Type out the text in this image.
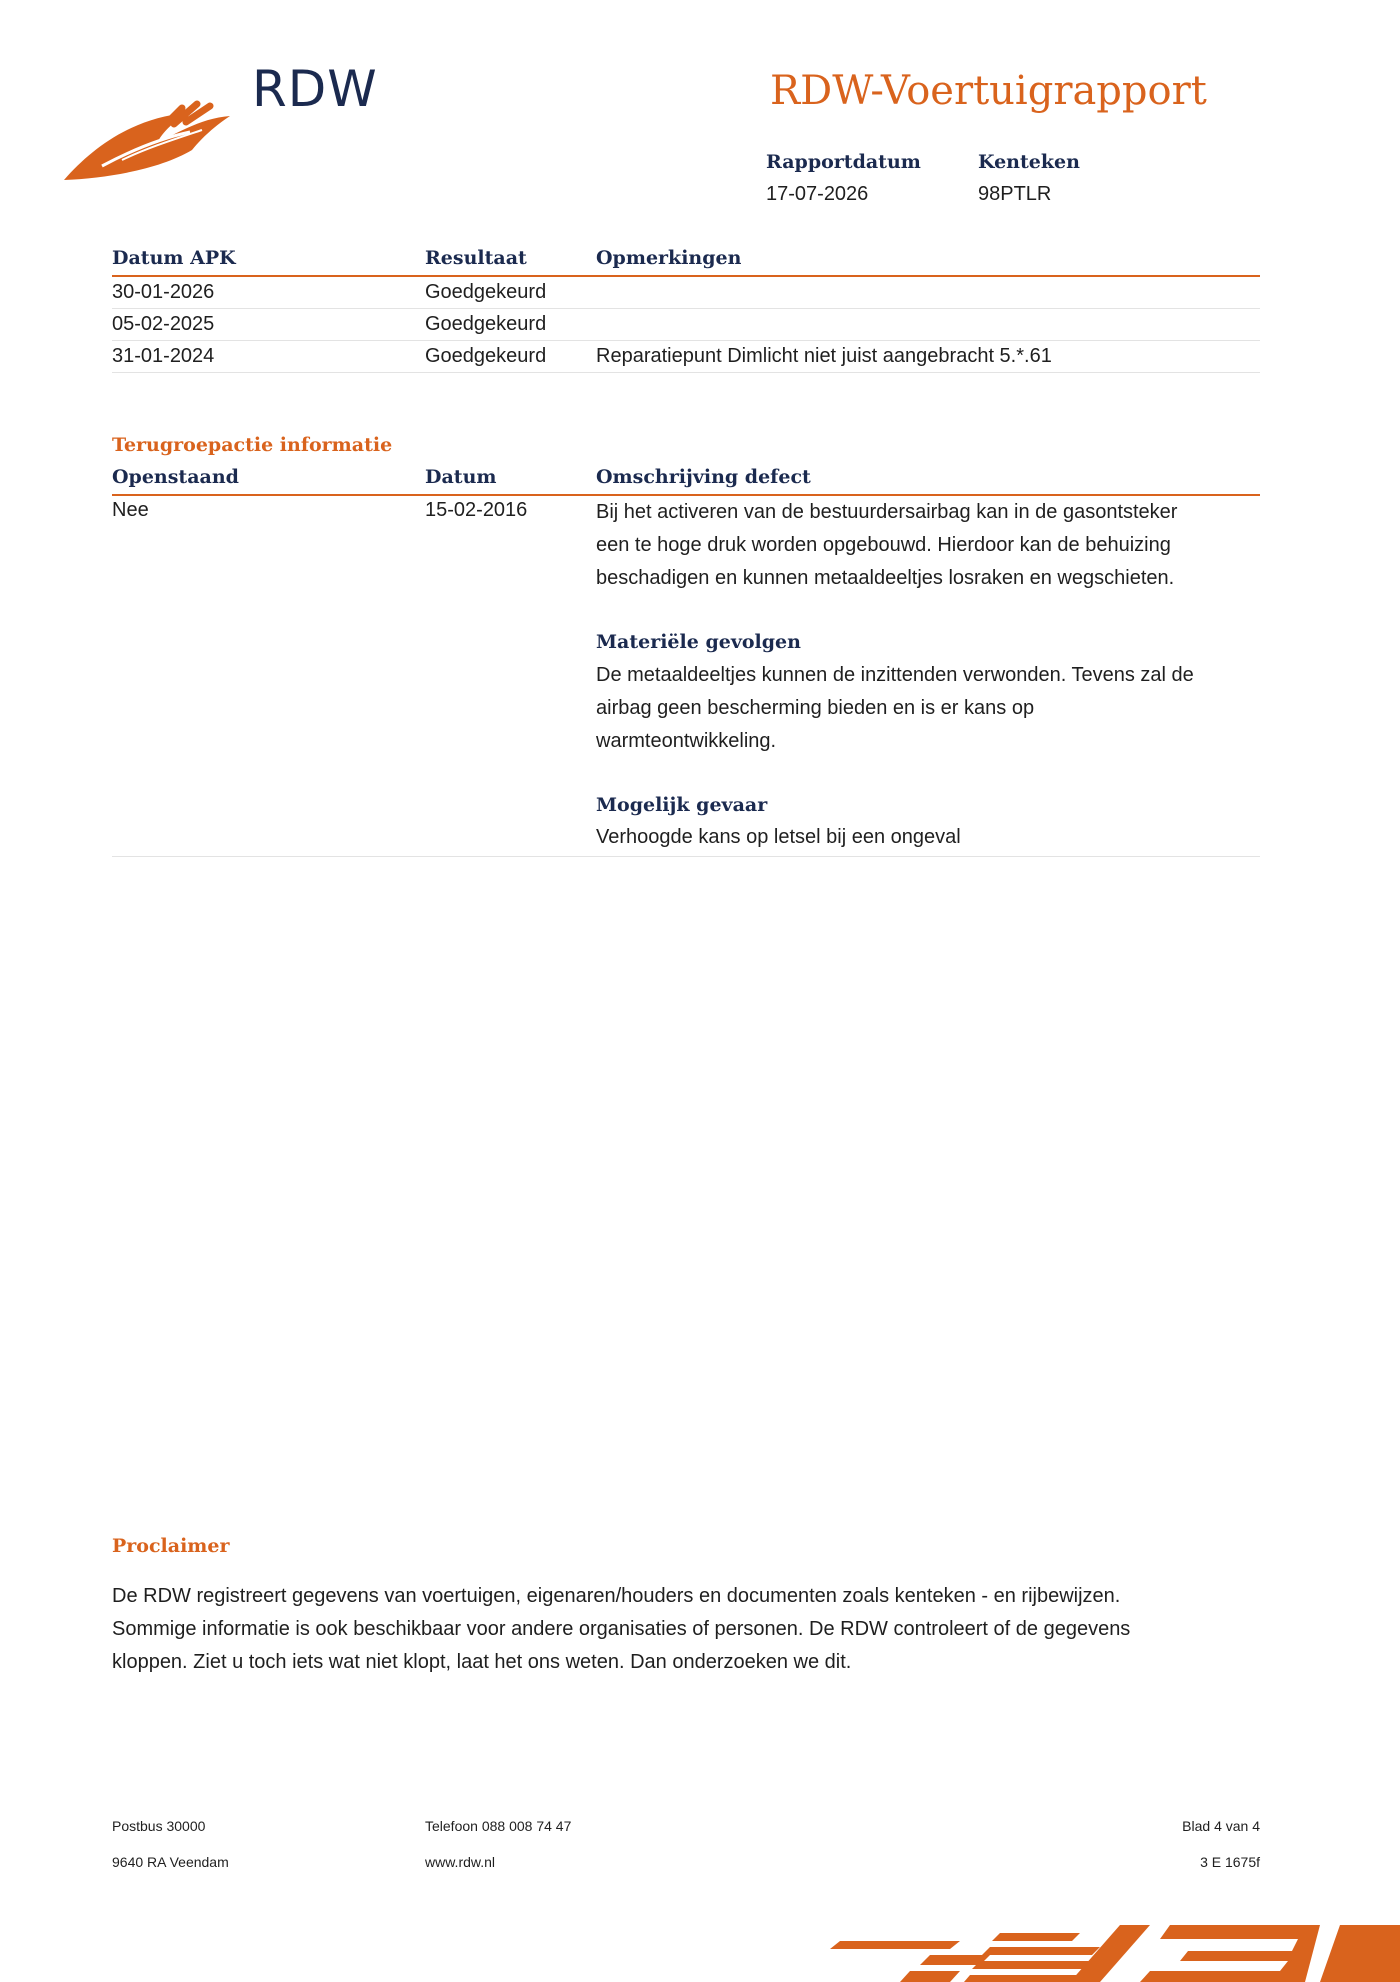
RDW	RDW-Voertuigrapport
Rapportdatum
17-07-2026
Kenteken
98PTLR
Datum APK	Resultaat	Opmerkingen
30-01-2026	Goedgekeurd
05-02-2025	Goedgekeurd
31-01-2024	Goedgekeurd Reparatiepunt Dimlicht niet juist aangebracht 5.*.61
Terugroepactie informatie
Openstaand	Datum	Omschrijving defect
Nee	15-02-2016	Bij het activeren van de bestuurdersairbag kan in de gasontsteker
een te hoge druk worden opgebouwd. Hierdoor kan de behuizing
beschadigen en kunnen metaaldeeltjes losraken en wegschieten.
Materiële gevolgen
De metaaldeeltjes kunnen de inzittenden verwonden. Tevens zal de
airbag geen bescherming bieden en is er kans op
warmteontwikkeling.
Mogelijk gevaar
Verhoogde kans op letsel bij een ongeval
Proclaimer
De RDW registreert gegevens van voertuigen, eigenaren/houders en documenten zoals kenteken - en rijbewijzen.
Sommige informatie is ook beschikbaar voor andere organisaties of personen. De RDW controleert of de gegevens
kloppen. Ziet u toch iets wat niet klopt, laat het ons weten. Dan onderzoeken we dit.
Postbus 30000
9640 RA Veendam
Telefoon 088 008 74 47
www.rdw.nl
Blad 4 van 4
3 E 1675f
